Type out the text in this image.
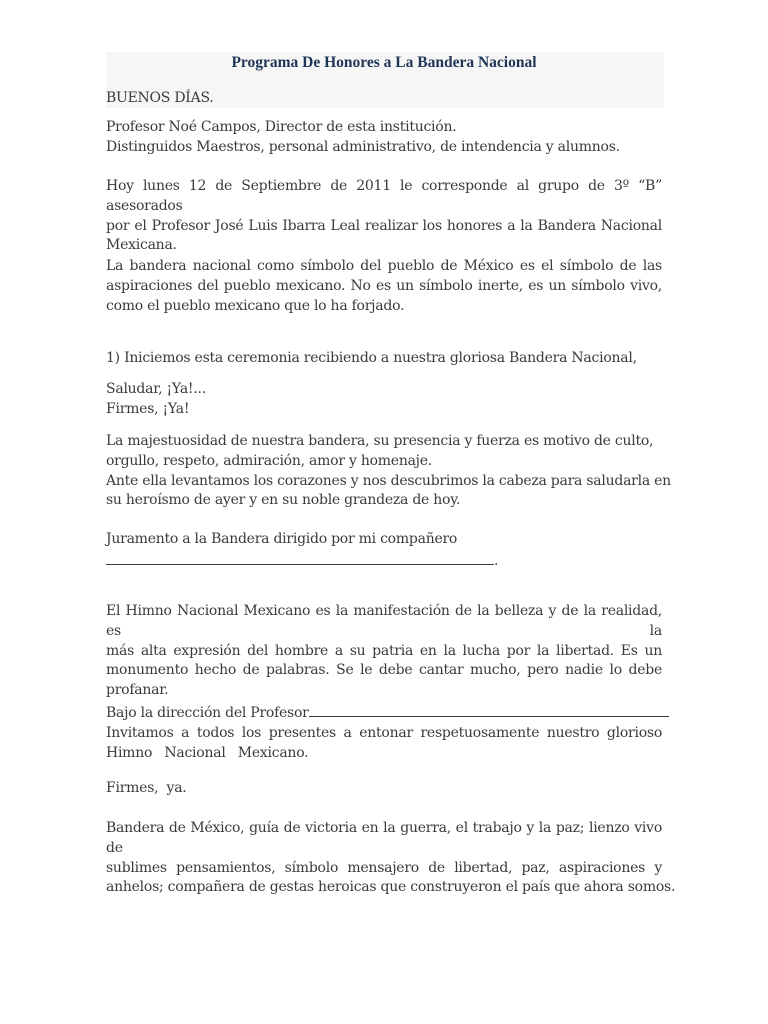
Programa De Honores a La Bandera Nacional
BUENOS DÍAS.
Profesor Noé Campos, Director de esta institución.
Distinguidos Maestros, personal administrativo, de intendencia y alumnos.
Hoy lunes 12 de Septiembre de 2011 le corresponde al grupo de 3º “B” asesorados
por el Profesor José Luis Ibarra Leal realizar los honores a la Bandera Nacional
Mexicana.
La bandera nacional como símbolo del pueblo de México es el símbolo de las
aspiraciones del pueblo mexicano. No es un símbolo inerte, es un símbolo vivo,
como el pueblo mexicano que lo ha forjado.
1) Iniciemos esta ceremonia recibiendo a nuestra gloriosa Bandera Nacional,
Saludar, ¡Ya!...
Firmes, ¡Ya!
La majestuosidad de nuestra bandera, su presencia y fuerza es motivo de culto,
orgullo, respeto, admiración, amor y homenaje.
Ante ella levantamos los corazones y nos descubrimos la cabeza para saludarla en
su heroísmo de ayer y en su noble grandeza de hoy.
Juramento a la Bandera dirigido por mi compañero
.
El Himno Nacional Mexicano es la manifestación de la belleza y de la realidad, es la
más alta expresión del hombre a su patria en la lucha por la libertad. Es un
monumento hecho de palabras. Se le debe cantar mucho, pero nadie lo debe
profanar.
Bajo la dirección del Profesor
Invitamos a todos los presentes a entonar respetuosamente nuestro glorioso
Himno Nacional Mexicano.
Firmes, ya.
Bandera de México, guía de victoria en la guerra, el trabajo y la paz; lienzo vivo de
sublimes pensamientos, símbolo mensajero de libertad, paz, aspiraciones y
anhelos; compañera de gestas heroicas que construyeron el país que ahora somos.
